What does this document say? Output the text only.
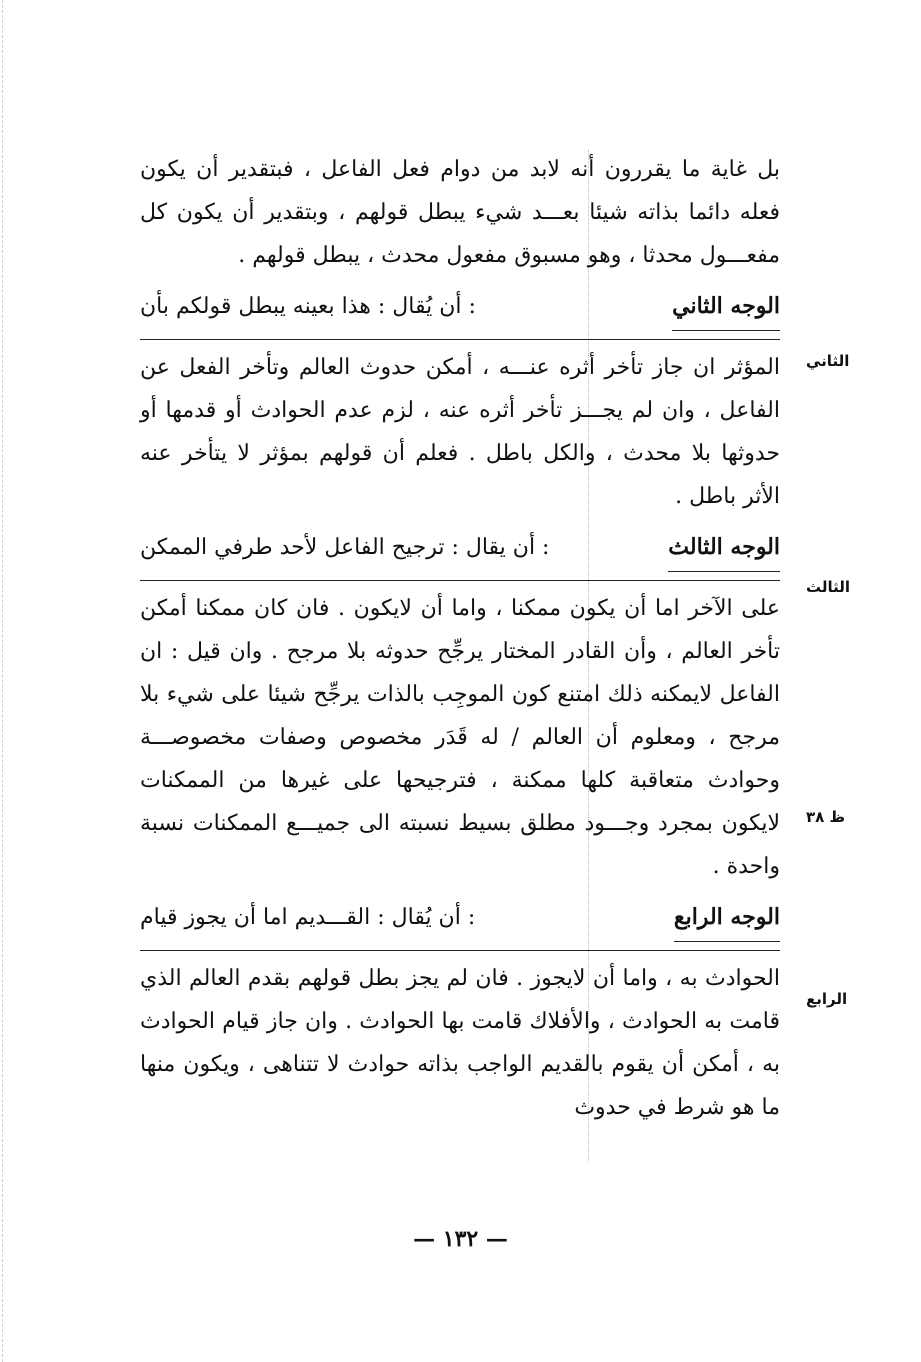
بل غاية ما يقررون أنه لابد من دوام فعل الفاعل ، فبتقدير أن يكون فعله دائما بذاته شيئا بعـــد شيء يبطل قولهم ، وبتقدير أن يكون كل مفعـــول محدثا ، وهو مسبوق مفعول محدث ، يبطل قولهم .

الوجه الثاني
: أن يُقال : هذا بعينه يبطل قولكم بأن

المؤثر ان جاز تأخر أثره عنـــه ، أمكن حدوث العالم وتأخر الفعل عن الفاعل ، وان لم يجـــز تأخر أثره عنه ، لزم عدم الحوادث أو قدمها أو حدوثها بلا محدث ، والكل باطل . فعلم أن قولهم بمؤثر لا يتأخر عنه الأثر باطل .

الوجه الثالث
: أن يقال : ترجيح الفاعل لأحد طرفي الممكن

على الآخر اما أن يكون ممكنا ، واما أن لايكون . فان كان ممكنا أمكن تأخر العالم ، وأن القادر المختار يرجِّح حدوثه بلا مرجح . وان قيل : ان الفاعل لايمكنه ذلك امتنع كون الموجِب بالذات يرجِّح شيئا على شيء بلا مرجح ، ومعلوم أن العالم / له قَدَر مخصوص وصفات مخصوصـــة وحوادث متعاقبة كلها ممكنة ، فترجيحها على غيرها من الممكنات لايكون بمجرد وجـــود مطلق بسيط نسبته الى جميـــع الممكنات نسبة واحدة .

الوجه الرابع
: أن يُقال : القـــديم اما أن يجوز قيام

الحوادث به ، واما أن لايجوز . فان لم يجز بطل قولهم بقدم العالم الذي قامت به الحوادث ، والأفلاك قامت بها الحوادث . وان جاز قيام الحوادث به ، أمكن أن يقوم بالقديم الواجب بذاته حوادث لا تتناهى ، ويكون منها ما هو شرط في حدوث

الثاني
الثالث
ظ ٣٨
الرابع
— ١٣٢ —
